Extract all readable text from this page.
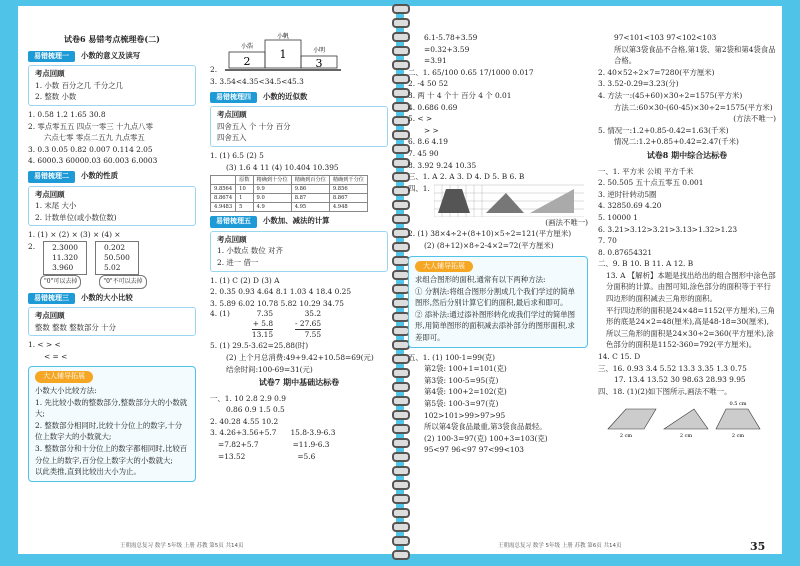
试卷6 易错考点梳理卷(二)
易错梳理一 小数的意义及读写
考点回顾
1. 小数 百分之几 千分之几
2. 整数 小数
1. 0.58 1.2 1.65 30.8
2. 零点零五五 四点一零三 十九点八零
六点七零 零点二五九 九点零五
3. 0.3 0.05 0.82 0.007 0.114 2.05
4. 6000.3 60000.03 60.003 6.0003
易错梳理二 小数的性质
考点回顾
1. 末尾 大小
2. 计数单位(或小数位数)
1. (1) × (2) × (3) × (4) ×
2. 2.3000
11.320
3.960
0.202
50.500
5.02
"0"可以去掉	"0"不可以去掉
易错梳理三 小数的大小比较
考点回顾
整数 整数 整数部分 十分
1. < > <
< = <
大人辅导拓展
小数大小比较方法:
1. 先比较小数的整数部分,整数部分大的小数就大;
2. 整数部分相同时,比较十分位上的数字,十分位上数字大的小数就大;
3. 整数部分和十分位上的数字都相同时,比较百分位上的数字,百分位上数字大的小数就大;
以此类推,直到比较出大小为止。
2.
小帆
小浩
小明
1
2	3
3. 3.54<4.35<34.5<45.3
易错梳理四 小数的近似数
考点回顾
四舍五入 个 十分 百分
四舍五入
1. (1) 6.5 (2) 5
(3) 1.6 4 11 (4) 10.404 10.395
	原数	精确到十分位	精确到百分位	精确到千分位
9.8564	10	9.9	9.86	9.856
8.8674	1	9.0	8.87	8.867
4.9483	5	4.9	4.95	4.948
易错梳理五 小数加、减法的计算
考点回顾
1. 小数点 数位 对齐
2. 进一 借一
1. (1) C (2) D (3) A
2. 0.35 0.93 4.64 8.1 1.03 4 18.4 0.25
3. 5.89 6.02 10.78 5.82 10.29 34.75
4. (1)	7.35
+ 5.8
13.15
35.2
- 27.65
7.55
5. (1) 29.5-3.62=25.88(时)
(2) 上个月总消费:49+9.42+10.58=69(元)
结余时间:100-69=31(元)
试卷7 期中基础达标卷
一、1. 10 2.8 2.9 0.9
0.86 0.9 1.5 0.5
2. 40.28 4.55 10.2
3. 4.26+3.56+5.7 15.8-3.9-6.3
=7.82+5.7	=11.9-6.3
=13.52	=5.6
6.1-5.78+3.59
=0.32+3.59
=3.91
二、1. 65/100 0.65 17/1000 0.017
2. -4 50 52
3. 两 十 4 个十 百分 4 个 0.01
4. 0.686 0.69
5. < >
> >
6. 8.6 4.19
7. 45 90
8. 3.92 9.24 10.35
三、1. A 2. A 3. D 4. D 5. B 6. B
四、1.
(画法不唯一)
2. (1) 38×4÷2+(8+10)×5÷2=121(平方厘米)
(2) (8+12)×8÷2-4×2=72(平方厘米)
大人辅导拓展
求组合图形的面积,通常有以下两种方法:
① 分割法:将组合图形分割成几个我们学过的简单图形,然后分别计算它们的面积,最后求和即可。
② 添补法:通过添补图形转化成我们学过的简单图形,用简单图形的面积减去添补部分的图形面积,求差即可。
五、1. (1) 100-1=99(克)
第2袋: 100+1=101(克)
第3袋: 100-5=95(克)
第4袋: 100+2=102(克)
第5袋: 100-3=97(克)
102>101>99>97>95
所以第4袋食品最重,第3袋食品最轻。
(2) 100-3=97(克) 100+3=103(克)
95<97 96<97 97<99<103
97<101<103 97<102<103
所以第3袋食品不合格,第1袋、第2袋和第4袋食品合格。
2. 40×52÷2×7=7280(平方厘米)
3. 3.52-0.29=3.23(分)
4. 方法一:(45+60)×30÷2=1575(平方米)
方法二:60×30-(60-45)×30÷2=1575(平方米)
(方法不唯一)
5. 情况一:1.2+0.85-0.42=1.63(千米)
情况二:1.2+0.85+0.42=2.47(千米)
试卷8 期中综合达标卷
一、1. 平方米 公顷 平方千米
2. 50.505 五十点五零五 0.001
3. 逆时针转动5圈
4. 32850.69 4.20
5. 10000 1
6. 3.21>3.12>3.21>3.13>1.32>1.23
7. 70
8. 0.87654321
二、9. B 10. B 11. A 12. B
13. A 【解析】本题是找出给出的组合图形中涂色部分面积的计算。由图可知,涂色部分的面积等于平行四边形的面积减去三角形的面积。
平行四边形的面积是24×48=1152(平方厘米),三角形的底是24×2=48(厘米),高是48-18=30(厘米),所以三角形的面积是24×30÷2=360(平方厘米),涂色部分的面积是1152-360=792(平方厘米)。
14. C 15. D
三、16. 0.93 3.4 5.52 13.3 3.35 1.3 0.75
17. 13.4 13.52 30 98.63 28.93 9.95
四、18. (1)(2)如下图所示,画法不唯一。
0.5 cm
2 cm	2 cm	2 cm
王朝霞总复习 数学 5年级 上册 苏教 第5页 共14页	王朝霞总复习 数学 5年级 上册 苏教 第6页 共14页	35
